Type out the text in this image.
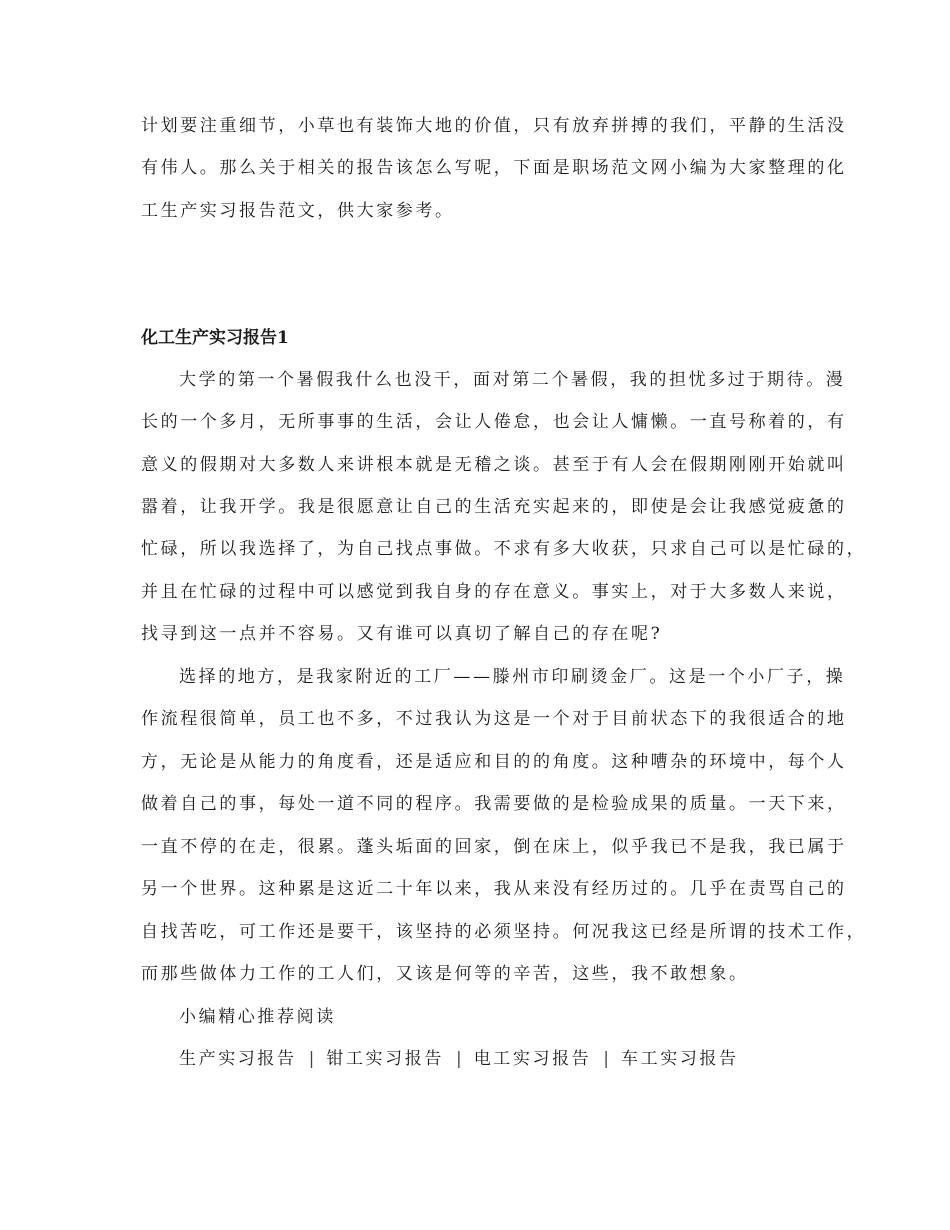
计划要注重细节，小草也有装饰大地的价值，只有放弃拼搏的我们，平静的生活没
有伟人。那么关于相关的报告该怎么写呢，下面是职场范文网小编为大家整理的化
工生产实习报告范文，供大家参考。
化工生产实习报告1
大学的第一个暑假我什么也没干，面对第二个暑假，我的担忧多过于期待。漫
长的一个多月，无所事事的生活，会让人倦怠，也会让人慵懒。一直号称着的，有
意义的假期对大多数人来讲根本就是无稽之谈。甚至于有人会在假期刚刚开始就叫
嚣着，让我开学。我是很愿意让自己的生活充实起来的，即使是会让我感觉疲惫的
忙碌，所以我选择了，为自己找点事做。不求有多大收获，只求自己可以是忙碌的，
并且在忙碌的过程中可以感觉到我自身的存在意义。事实上，对于大多数人来说，
找寻到这一点并不容易。又有谁可以真切了解自己的存在呢?
选择的地方，是我家附近的工厂——滕州市印刷烫金厂。这是一个小厂子，操
作流程很简单，员工也不多，不过我认为这是一个对于目前状态下的我很适合的地
方，无论是从能力的角度看，还是适应和目的的角度。这种嘈杂的环境中，每个人
做着自己的事，每处一道不同的程序。我需要做的是检验成果的质量。一天下来，
一直不停的在走，很累。蓬头垢面的回家，倒在床上，似乎我已不是我，我已属于
另一个世界。这种累是这近二十年以来，我从来没有经历过的。几乎在责骂自己的
自找苦吃，可工作还是要干，该坚持的必须坚持。何况我这已经是所谓的技术工作，
而那些做体力工作的工人们，又该是何等的辛苦，这些，我不敢想象。
小编精心推荐阅读
生产实习报告 | 钳工实习报告 | 电工实习报告 | 车工实习报告
